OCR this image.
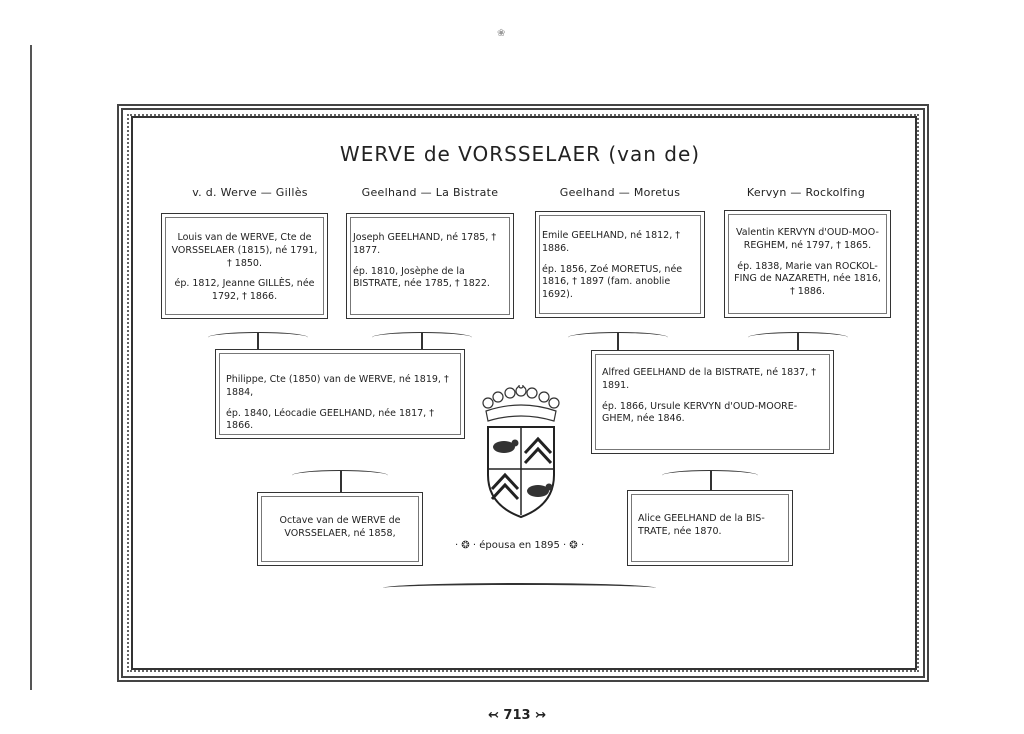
❀
WERVE de VORSSELAER (van de)
v. d. Werve — Gillès	Geelhand — La Bistrate	Geelhand — Moretus	Kervyn — Rockolfing

Louis van de WERVE, Cte de VORSSELAER (1815), né 1791, † 1850.

ép. 1812, Jeanne GILLÈS, née 1792, † 1866.

Joseph GEELHAND, né 1785, † 1877.

ép. 1810, Josèphe de la BISTRATE, née 1785, † 1822.

Emile GEELHAND, né 1812, † 1886.

ép. 1856, Zoé MORETUS, née 1816, † 1897 (fam. anoblie 1692).

Valentin KERVYN d'OUD-MOO-REGHEM, né 1797, † 1865.

ép. 1838, Marie van ROCKOL-FING de NAZARETH, née 1816, † 1886.

Philippe, Cte (1850) van de WERVE, né 1819, † 1884,

ép. 1840, Léocadie GEELHAND, née 1817, † 1866.

Alfred GEELHAND de la BISTRATE, né 1837, † 1891.

ép. 1866, Ursule KERVYN d'OUD-MOORE-GHEM, née 1846.

Octave van de WERVE de VORSSELAER, né 1858,

Alice GEELHAND de la BIS-TRATE, née 1870.

· ❂ · épousa en 1895 · ❂ ·
↢ 713 ↣
